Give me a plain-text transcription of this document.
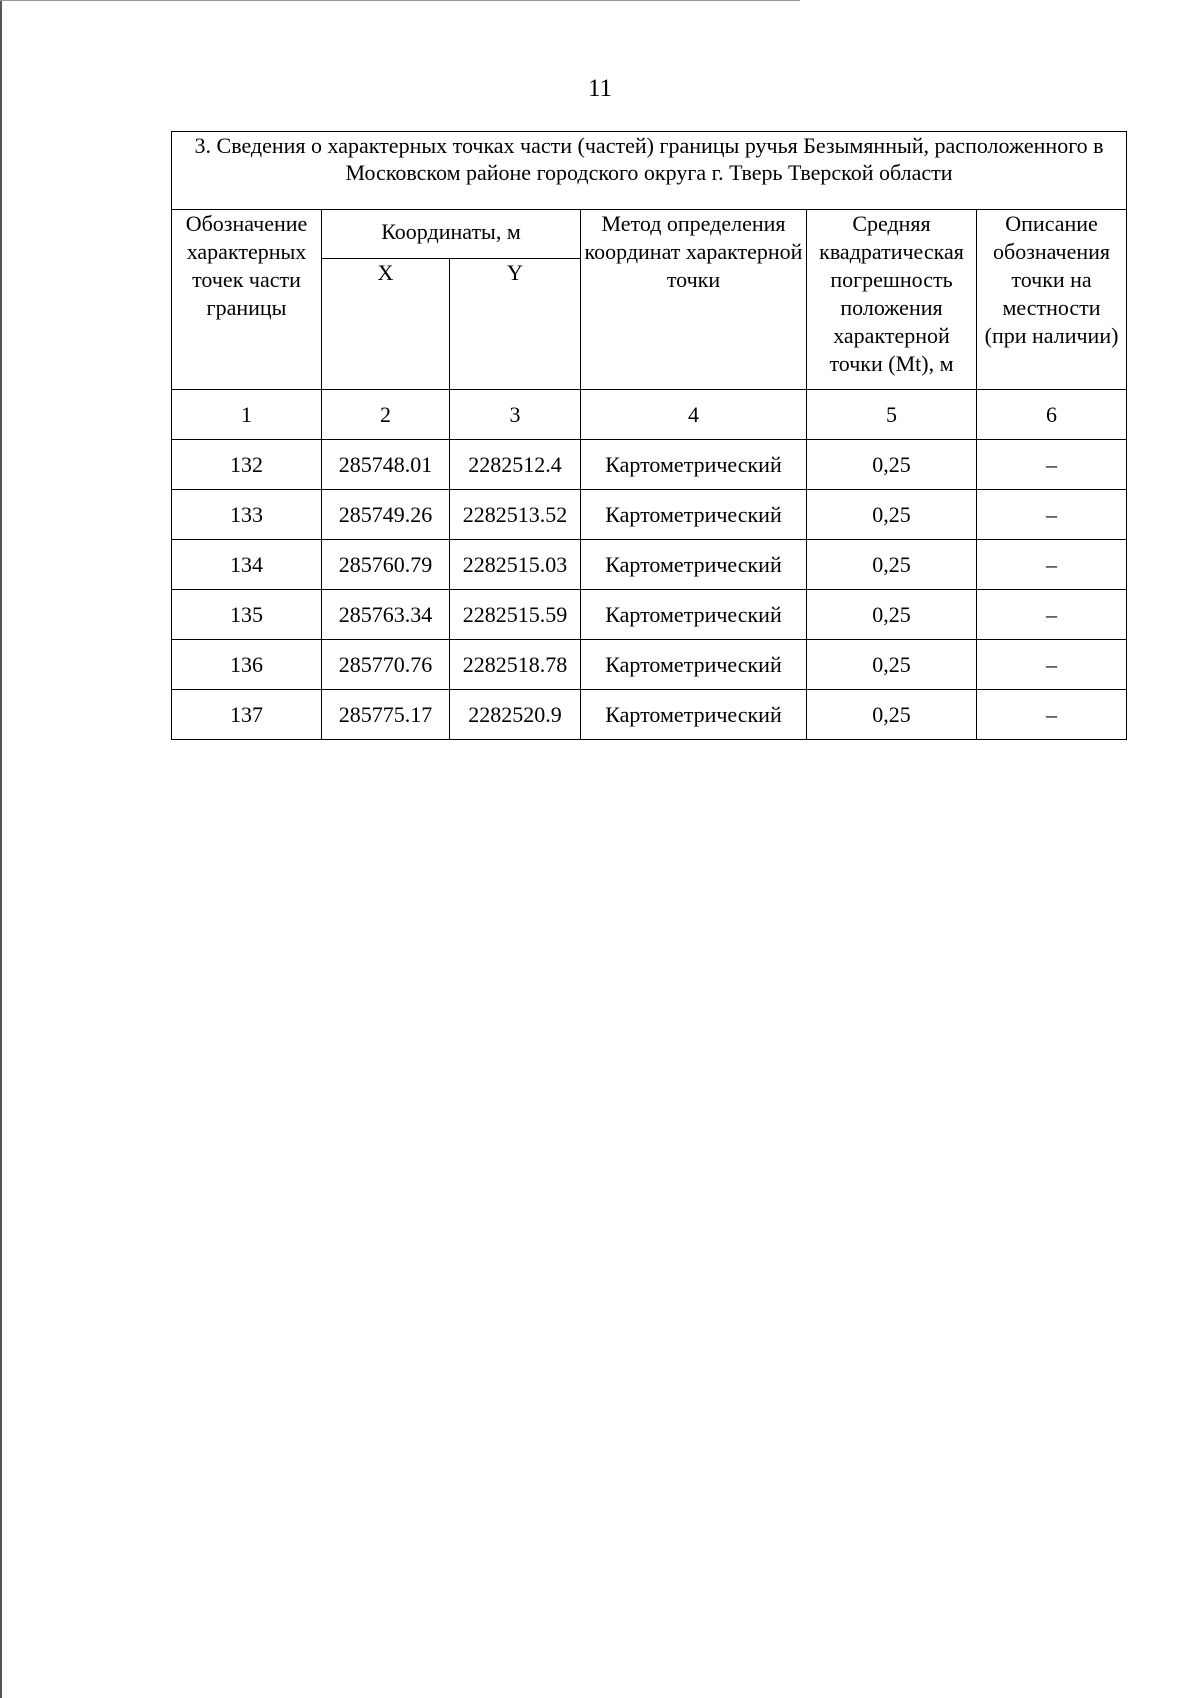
11
3. Сведения о характерных точках части (частей) границы ручья Безымянный, расположенного в Московском районе городского округа г. Тверь Тверской области					
Обозначение характерных точек части границы	Координаты, м		Метод определения координат характерной точки	Средняя квадратическая погрешность положения характерной точки (Mt), м	Описание обозначения точки на местности (при наличии)
	X	Y			
1	2	3	4	5	6
132	285748.01	2282512.4	Картометрический	0,25	–
133	285749.26	2282513.52	Картометрический	0,25	–
134	285760.79	2282515.03	Картометрический	0,25	–
135	285763.34	2282515.59	Картометрический	0,25	–
136	285770.76	2282518.78	Картометрический	0,25	–
137	285775.17	2282520.9	Картометрический	0,25	–
